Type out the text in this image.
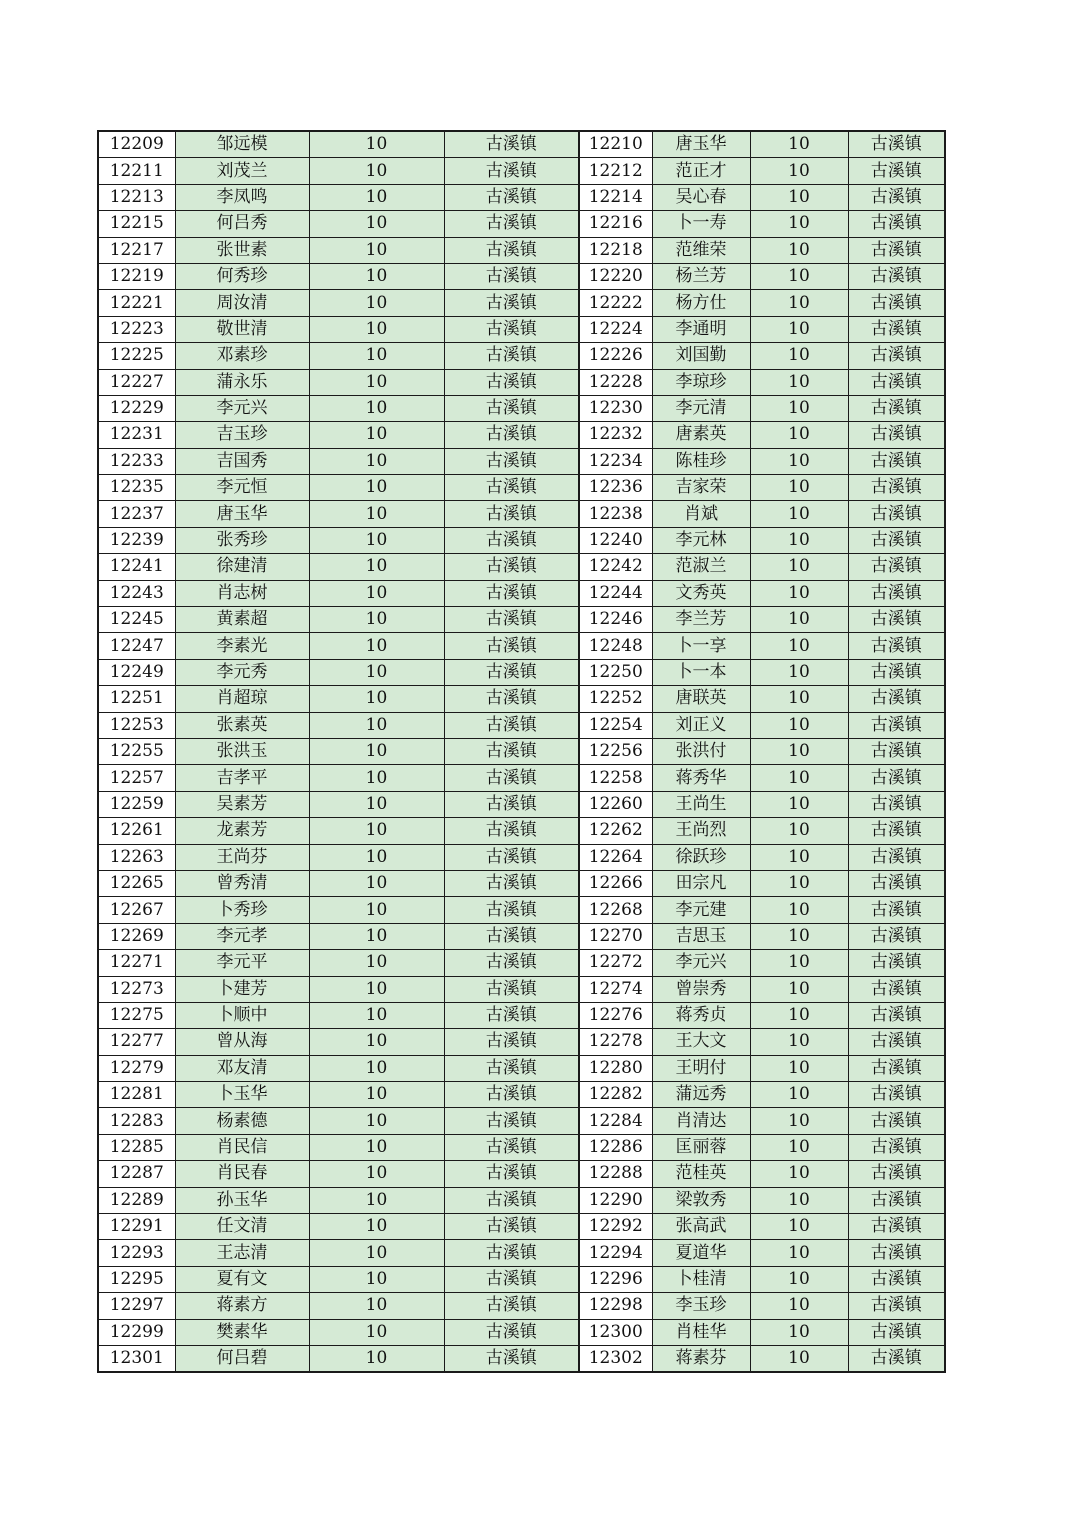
12209	邹远模	10	古溪镇	12210	唐玉华	10	古溪镇
12211	刘茂兰	10	古溪镇	12212	范正才	10	古溪镇
12213	李凤鸣	10	古溪镇	12214	吴心春	10	古溪镇
12215	何吕秀	10	古溪镇	12216	卜一寿	10	古溪镇
12217	张世素	10	古溪镇	12218	范维荣	10	古溪镇
12219	何秀珍	10	古溪镇	12220	杨兰芳	10	古溪镇
12221	周汝清	10	古溪镇	12222	杨方仕	10	古溪镇
12223	敬世清	10	古溪镇	12224	李通明	10	古溪镇
12225	邓素珍	10	古溪镇	12226	刘国勤	10	古溪镇
12227	蒲永乐	10	古溪镇	12228	李琼珍	10	古溪镇
12229	李元兴	10	古溪镇	12230	李元清	10	古溪镇
12231	吉玉珍	10	古溪镇	12232	唐素英	10	古溪镇
12233	吉国秀	10	古溪镇	12234	陈桂珍	10	古溪镇
12235	李元恒	10	古溪镇	12236	吉家荣	10	古溪镇
12237	唐玉华	10	古溪镇	12238	肖斌	10	古溪镇
12239	张秀珍	10	古溪镇	12240	李元林	10	古溪镇
12241	徐建清	10	古溪镇	12242	范淑兰	10	古溪镇
12243	肖志树	10	古溪镇	12244	文秀英	10	古溪镇
12245	黄素超	10	古溪镇	12246	李兰芳	10	古溪镇
12247	李素光	10	古溪镇	12248	卜一享	10	古溪镇
12249	李元秀	10	古溪镇	12250	卜一本	10	古溪镇
12251	肖超琼	10	古溪镇	12252	唐联英	10	古溪镇
12253	张素英	10	古溪镇	12254	刘正义	10	古溪镇
12255	张洪玉	10	古溪镇	12256	张洪付	10	古溪镇
12257	吉孝平	10	古溪镇	12258	蒋秀华	10	古溪镇
12259	吴素芳	10	古溪镇	12260	王尚生	10	古溪镇
12261	龙素芳	10	古溪镇	12262	王尚烈	10	古溪镇
12263	王尚芬	10	古溪镇	12264	徐跃珍	10	古溪镇
12265	曾秀清	10	古溪镇	12266	田宗凡	10	古溪镇
12267	卜秀珍	10	古溪镇	12268	李元建	10	古溪镇
12269	李元孝	10	古溪镇	12270	吉思玉	10	古溪镇
12271	李元平	10	古溪镇	12272	李元兴	10	古溪镇
12273	卜建芳	10	古溪镇	12274	曾崇秀	10	古溪镇
12275	卜顺中	10	古溪镇	12276	蒋秀贞	10	古溪镇
12277	曾从海	10	古溪镇	12278	王大文	10	古溪镇
12279	邓友清	10	古溪镇	12280	王明付	10	古溪镇
12281	卜玉华	10	古溪镇	12282	蒲远秀	10	古溪镇
12283	杨素德	10	古溪镇	12284	肖清达	10	古溪镇
12285	肖民信	10	古溪镇	12286	匡丽蓉	10	古溪镇
12287	肖民春	10	古溪镇	12288	范桂英	10	古溪镇
12289	孙玉华	10	古溪镇	12290	梁敦秀	10	古溪镇
12291	任文清	10	古溪镇	12292	张高武	10	古溪镇
12293	王志清	10	古溪镇	12294	夏道华	10	古溪镇
12295	夏有文	10	古溪镇	12296	卜桂清	10	古溪镇
12297	蒋素方	10	古溪镇	12298	李玉珍	10	古溪镇
12299	樊素华	10	古溪镇	12300	肖桂华	10	古溪镇
12301	何吕碧	10	古溪镇	12302	蒋素芬	10	古溪镇
